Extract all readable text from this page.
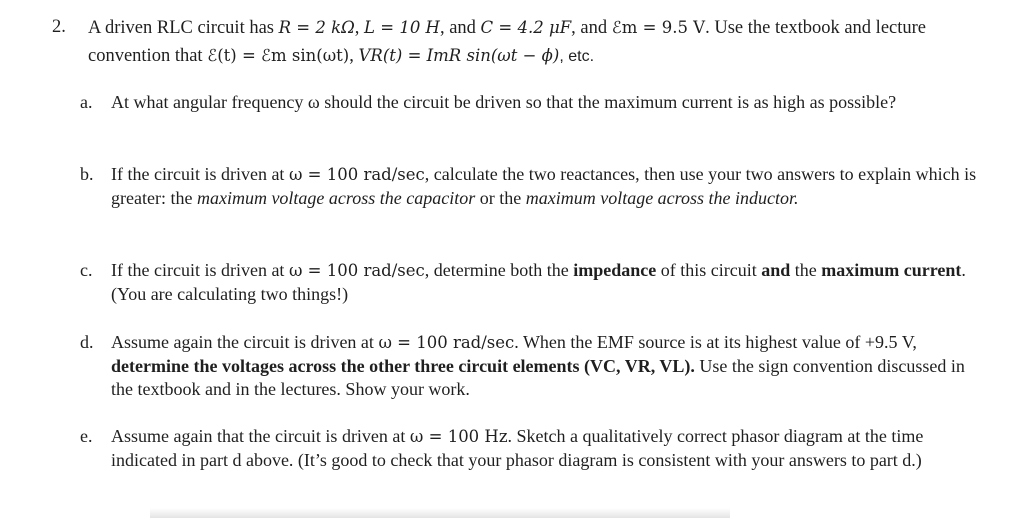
2. A driven RLC circuit has R = 2 kΩ, L = 10 H, and C = 4.2 μF, and ℰm = 9.5 V. Use the textbook and lecture convention that ℰ(t) = ℰm sin(ωt), VR(t) = ImR sin(ωt − ϕ), etc.
a. At what angular frequency ω should the circuit be driven so that the maximum current is as high as possible?
b. If the circuit is driven at ω = 100 rad/sec, calculate the two reactances, then use your two answers to explain which is greater: the maximum voltage across the capacitor or the maximum voltage across the inductor.
c. If the circuit is driven at ω = 100 rad/sec, determine both the impedance of this circuit and the maximum current. (You are calculating two things!)
d. Assume again the circuit is driven at ω = 100 rad/sec. When the EMF source is at its highest value of +9.5 V, determine the voltages across the other three circuit elements (VC, VR, VL). Use the sign convention discussed in the textbook and in the lectures. Show your work.
e. Assume again that the circuit is driven at ω = 100 Hz. Sketch a qualitatively correct phasor diagram at the time indicated in part d above. (It’s good to check that your phasor diagram is consistent with your answers to part d.)
